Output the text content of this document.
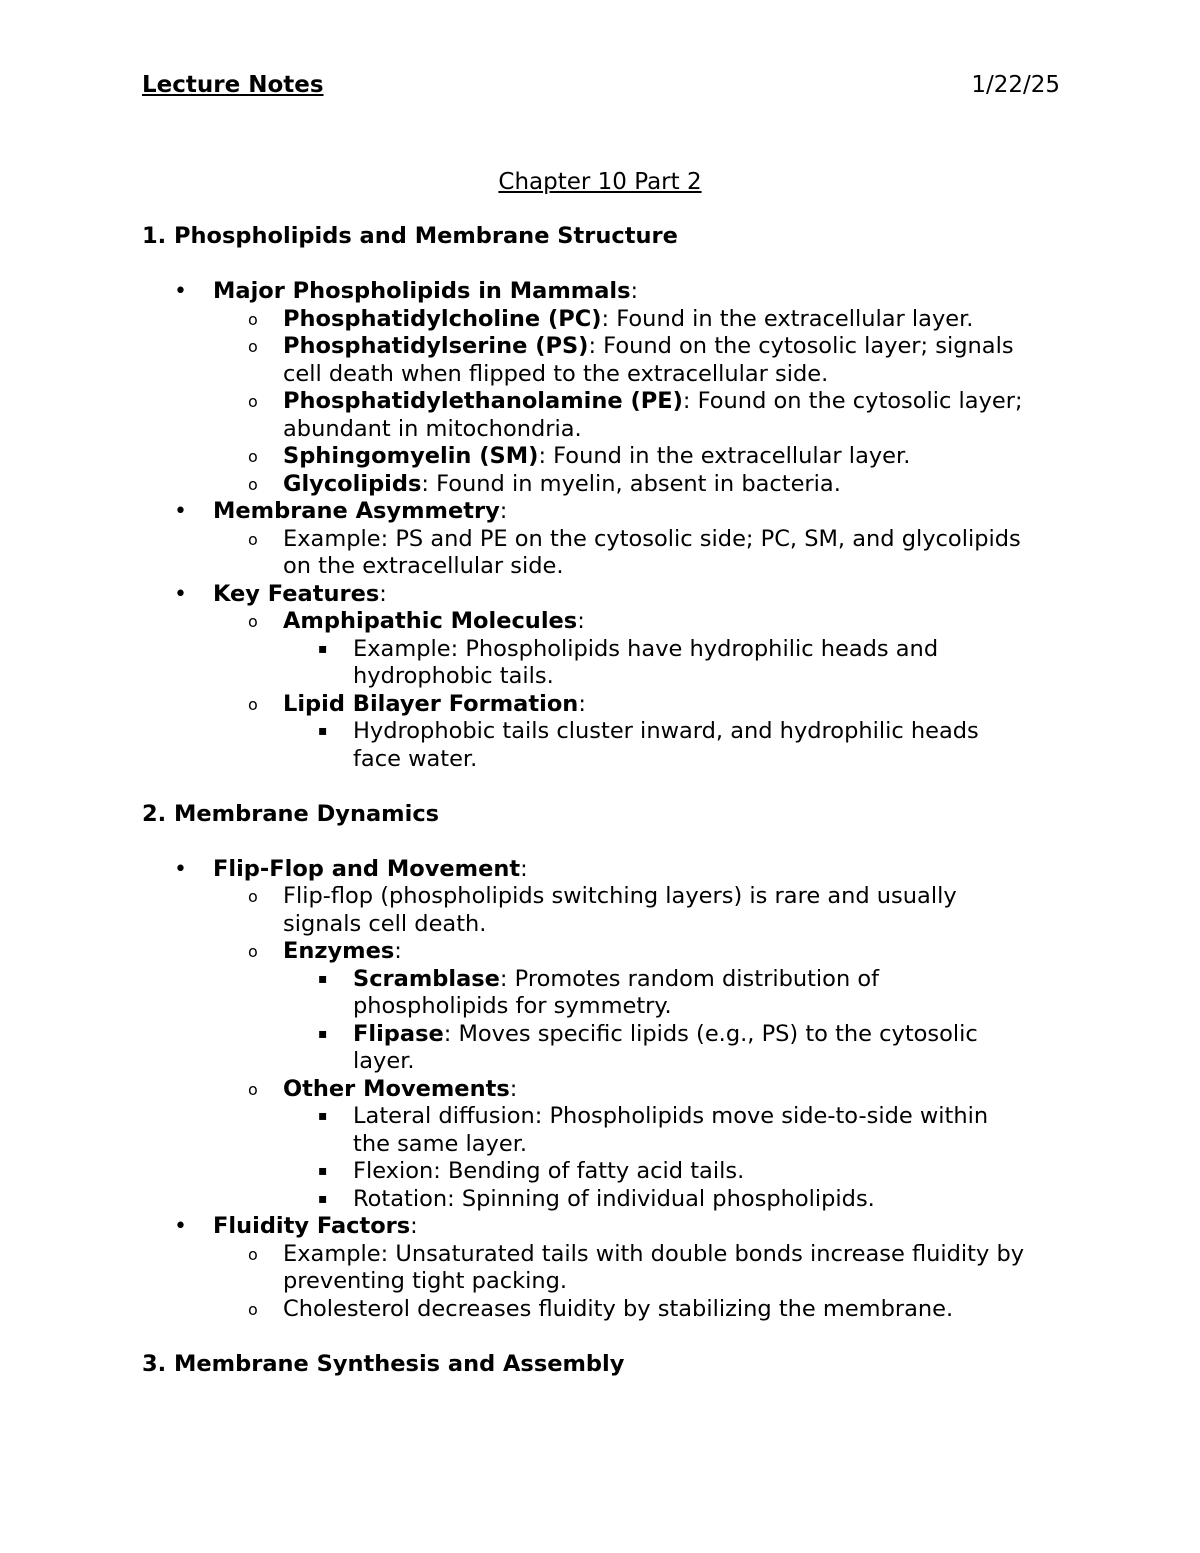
Lecture Notes	1/22/25
Chapter 10 Part 2
1. Phospholipids and Membrane Structure
• Major Phospholipids in Mammals:
o Phosphatidylcholine (PC): Found in the extracellular layer.
o Phosphatidylserine (PS): Found on the cytosolic layer; signals
cell death when flipped to the extracellular side.
o Phosphatidylethanolamine (PE): Found on the cytosolic layer;
abundant in mitochondria.
o Sphingomyelin (SM): Found in the extracellular layer.
o Glycolipids: Found in myelin, absent in bacteria.
• Membrane Asymmetry:
o Example: PS and PE on the cytosolic side; PC, SM, and glycolipids
on the extracellular side.
• Key Features:
o Amphipathic Molecules:
▪ Example: Phospholipids have hydrophilic heads and
hydrophobic tails.
o Lipid Bilayer Formation:
▪ Hydrophobic tails cluster inward, and hydrophilic heads
face water.
2. Membrane Dynamics
• Flip-Flop and Movement:
o Flip-flop (phospholipids switching layers) is rare and usually
signals cell death.
o Enzymes:
▪ Scramblase: Promotes random distribution of
phospholipids for symmetry.
▪ Flipase: Moves specific lipids (e.g., PS) to the cytosolic
layer.
o Other Movements:
▪ Lateral diffusion: Phospholipids move side-to-side within
the same layer.
▪ Flexion: Bending of fatty acid tails.
▪ Rotation: Spinning of individual phospholipids.
• Fluidity Factors:
o Example: Unsaturated tails with double bonds increase fluidity by
preventing tight packing.
o Cholesterol decreases fluidity by stabilizing the membrane.
3. Membrane Synthesis and Assembly
